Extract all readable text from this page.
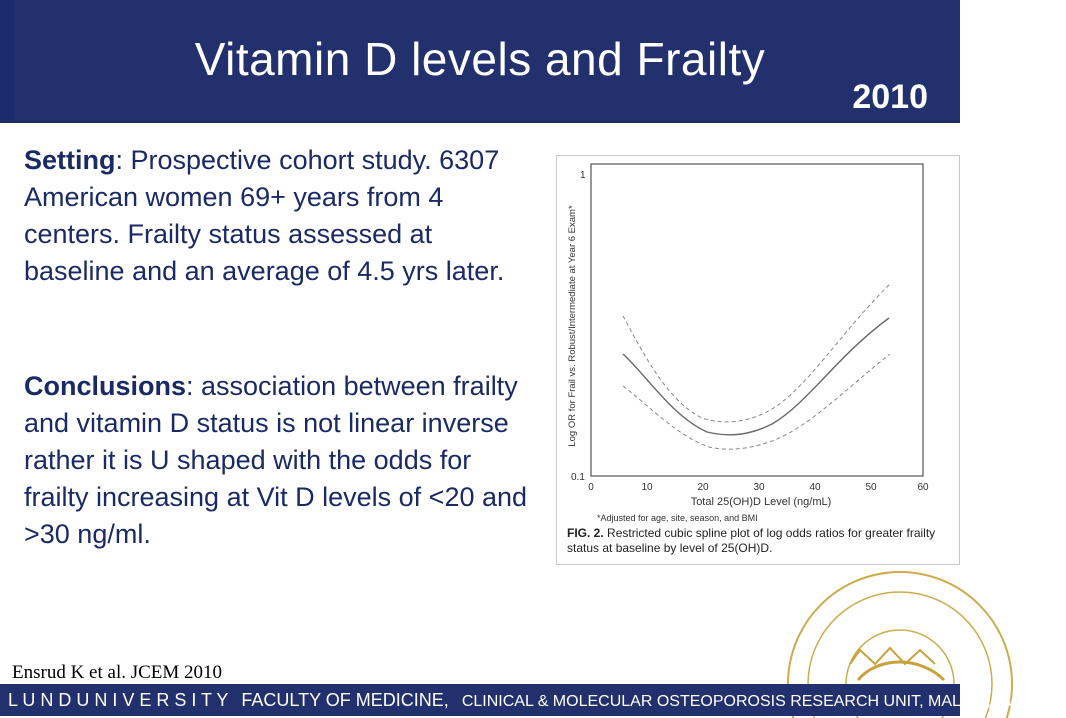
Vitamin D levels and Frailty
2010
Setting: Prospective cohort study. 6307 American women 69+ years from 4 centers. Frailty status assessed at baseline and an average of 4.5 yrs later.
Conclusions: association between frailty and vitamin D status is not linear inverse rather it is U shaped with the odds for frailty increasing at Vit D levels of <20 and >30 ng/ml.
1
0.1
0	10	20	30	40	50	60
Total 25(OH)D Level (ng/mL)
Log OR for Frail vs. Robust/Intermediate at Year 6 Exam*
*Adjusted for age, site, season, and BMI
FIG. 2. Restricted cubic spline plot of log odds ratios for greater frailty status at baseline by level of 25(OH)D.
Ensrud K et al. JCEM 2010
L U N D U N I V E R S I T Y FACULTY OF MEDICINE, CLINICAL & MOLECULAR OSTEOPOROSIS RESEARCH UNIT, MALMÖ, SWEDEN
